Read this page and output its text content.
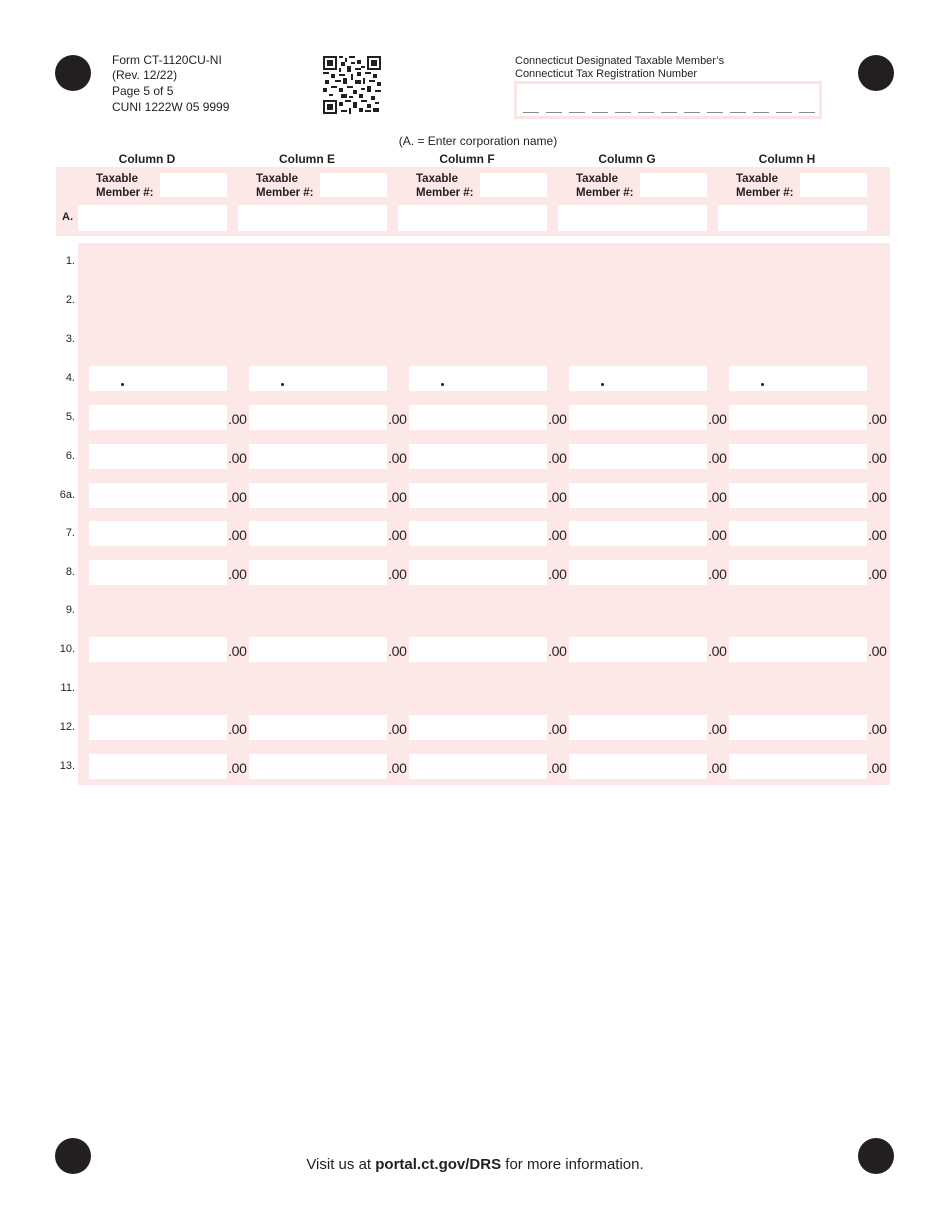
Form CT-1120CU-NI
(Rev. 12/22)
Page 5 of 5
CUNI 1222W 05 9999
Connecticut Designated Taxable Member’s
Connecticut Tax Registration Number
(A. = Enter corporation name)
Column D	Column E	Column F	Column G	Column H
A.
Taxable
Member #:
Taxable
Member #:
Taxable
Member #:
Taxable
Member #:
Taxable
Member #:
1.
2.
3.
4.
5.	.00	.00	.00	.00	.00
6.	.00	.00	.00	.00	.00
6a.	.00	.00	.00	.00	.00
7.	.00	.00	.00	.00	.00
8.	.00	.00	.00	.00	.00
9.
10.	.00	.00	.00	.00	.00
11.
12.	.00	.00	.00	.00	.00
13.	.00	.00	.00	.00	.00
Visit us at portal.ct.gov/DRS for more information.
